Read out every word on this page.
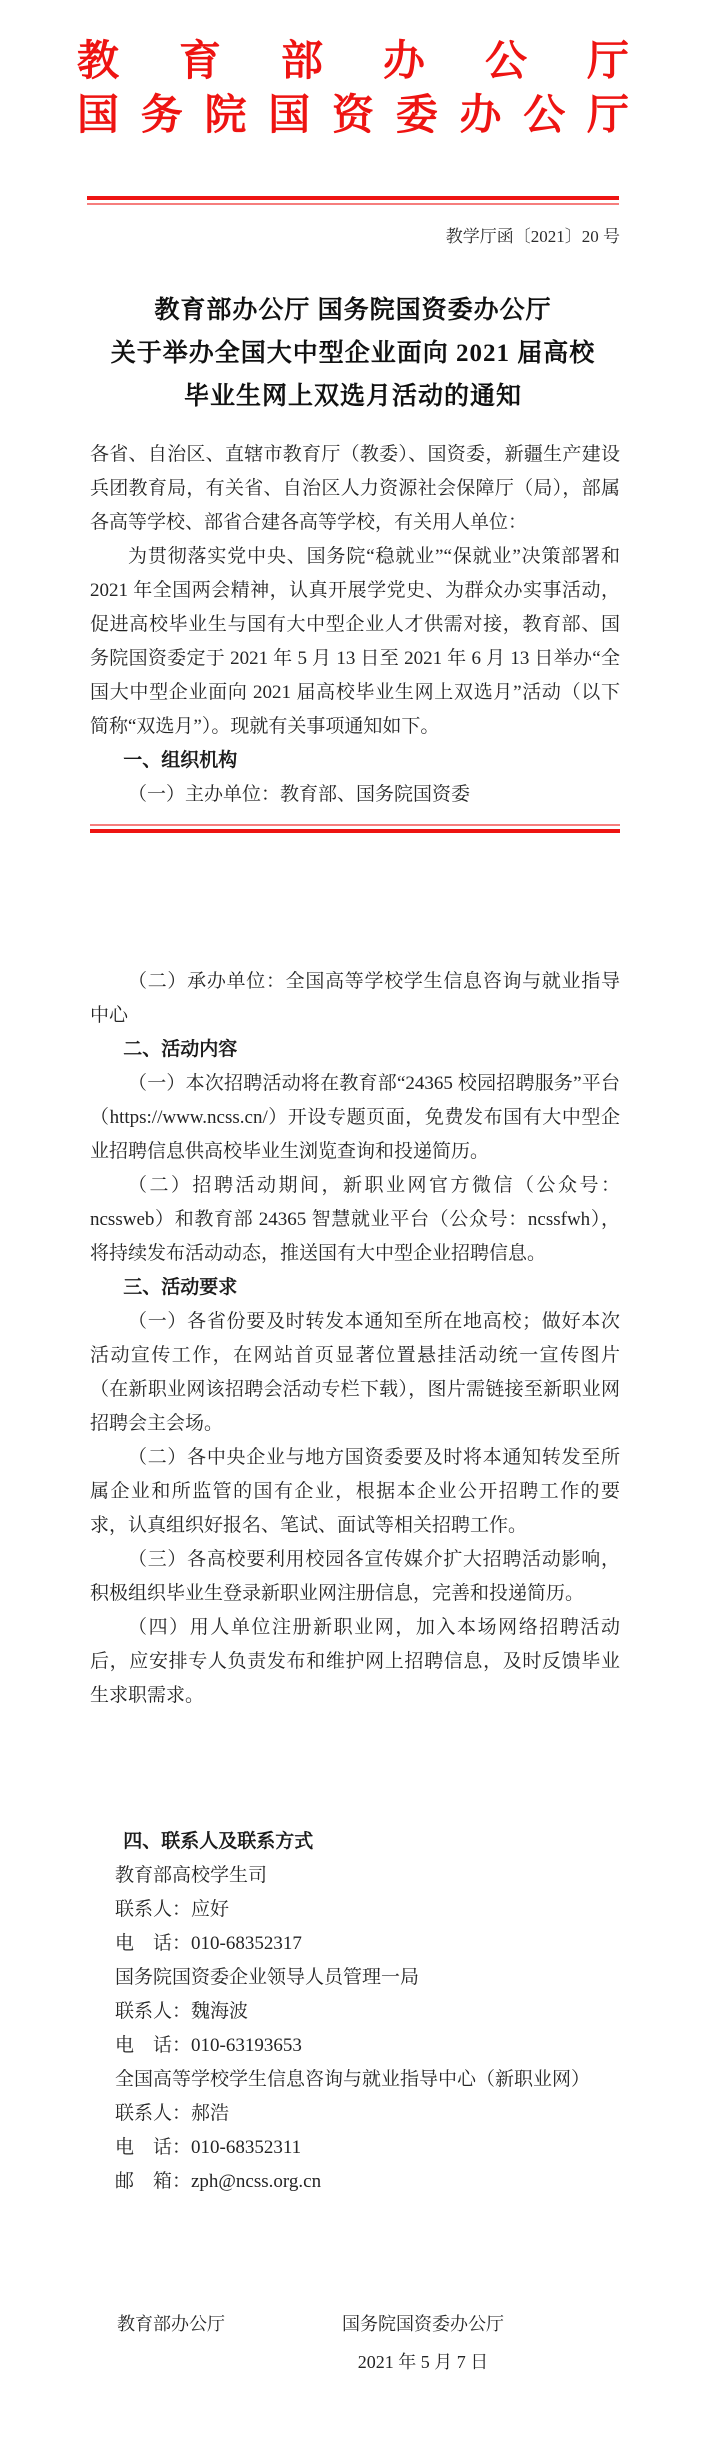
教育部办公厅
国务院国资委办公厅
教学厅函〔2021〕20 号
教育部办公厅 国务院国资委办公厅
关于举办全国大中型企业面向 2021 届高校
毕业生网上双选月活动的通知

各省、自治区、直辖市教育厅（教委）、国资委，新疆生产建设兵团教育局，有关省、自治区人力资源社会保障厅（局），部属各高等学校、部省合建各高等学校，有关用人单位：

为贯彻落实党中央、国务院“稳就业”“保就业”决策部署和 2021 年全国两会精神，认真开展学党史、为群众办实事活动，促进高校毕业生与国有大中型企业人才供需对接，教育部、国务院国资委定于 2021 年 5 月 13 日至 2021 年 6 月 13 日举办“全国大中型企业面向 2021 届高校毕业生网上双选月”活动（以下简称“双选月”）。现就有关事项通知如下。

一、组织机构

（一）主办单位：教育部、国务院国资委

（二）承办单位：全国高等学校学生信息咨询与就业指导中心

二、活动内容

（一）本次招聘活动将在教育部“24365 校园招聘服务”平台（https://www.ncss.cn/）开设专题页面，免费发布国有大中型企业招聘信息供高校毕业生浏览查询和投递简历。

（二）招聘活动期间，新职业网官方微信（公众号：ncssweb）和教育部 24365 智慧就业平台（公众号：ncssfwh），将持续发布活动动态，推送国有大中型企业招聘信息。

三、活动要求

（一）各省份要及时转发本通知至所在地高校；做好本次活动宣传工作，在网站首页显著位置悬挂活动统一宣传图片（在新职业网该招聘会活动专栏下载），图片需链接至新职业网招聘会主会场。

（二）各中央企业与地方国资委要及时将本通知转发至所属企业和所监管的国有企业，根据本企业公开招聘工作的要求，认真组织好报名、笔试、面试等相关招聘工作。

（三）各高校要利用校园各宣传媒介扩大招聘活动影响，积极组织毕业生登录新职业网注册信息，完善和投递简历。

（四）用人单位注册新职业网，加入本场网络招聘活动后，应安排专人负责发布和维护网上招聘信息，及时反馈毕业生求职需求。

四、联系人及联系方式
教育部高校学生司
联系人：应好
电　话：010-68352317
国务院国资委企业领导人员管理一局
联系人：魏海波
电　话：010-63193653
全国高等学校学生信息咨询与就业指导中心（新职业网）
联系人：郝浩
电　话：010-68352311
邮　箱：zph@ncss.org.cn
教育部办公厅	国务院国资委办公厅
2021 年 5 月 7 日
